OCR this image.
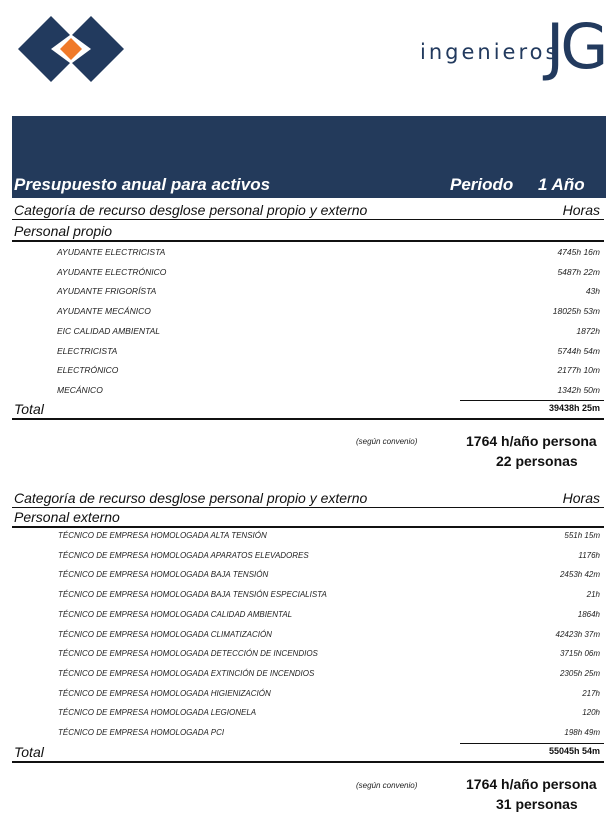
ingenieros
JG
Presupuesto anual para activos	Periodo 1 Año
Categoría de recurso desglose personal propio y externo	Horas
Personal propio
AYUDANTE ELECTRICISTA	4745h 16m
AYUDANTE ELECTRÓNICO	5487h 22m
AYUDANTE FRIGORÍSTA	43h
AYUDANTE MECÁNICO	18025h 53m
EIC CALIDAD AMBIENTAL	1872h
ELECTRICISTA	5744h 54m
ELECTRÓNICO	2177h 10m
MECÁNICO	1342h 50m
Total	39438h 25m
(según convenio)	1764 h/año persona
22 personas
Categoría de recurso desglose personal propio y externo	Horas
Personal externo
TÉCNICO DE EMPRESA HOMOLOGADA ALTA TENSIÓN	551h 15m
TÉCNICO DE EMPRESA HOMOLOGADA APARATOS ELEVADORES	1176h
TÉCNICO DE EMPRESA HOMOLOGADA BAJA TENSIÓN	2453h 42m
TÉCNICO DE EMPRESA HOMOLOGADA BAJA TENSIÓN ESPECIALISTA	21h
TÉCNICO DE EMPRESA HOMOLOGADA CALIDAD AMBIENTAL	1864h
TÉCNICO DE EMPRESA HOMOLOGADA CLIMATIZACIÓN	42423h 37m
TÉCNICO DE EMPRESA HOMOLOGADA DETECCIÓN DE INCENDIOS	3715h 06m
TÉCNICO DE EMPRESA HOMOLOGADA EXTINCIÓN DE INCENDIOS	2305h 25m
TÉCNICO DE EMPRESA HOMOLOGADA HIGIENIZACIÓN	217h
TÉCNICO DE EMPRESA HOMOLOGADA LEGIONELA	120h
TÉCNICO DE EMPRESA HOMOLOGADA PCI	198h 49m
Total	55045h 54m
(según convenio)	1764 h/año persona
31 personas
